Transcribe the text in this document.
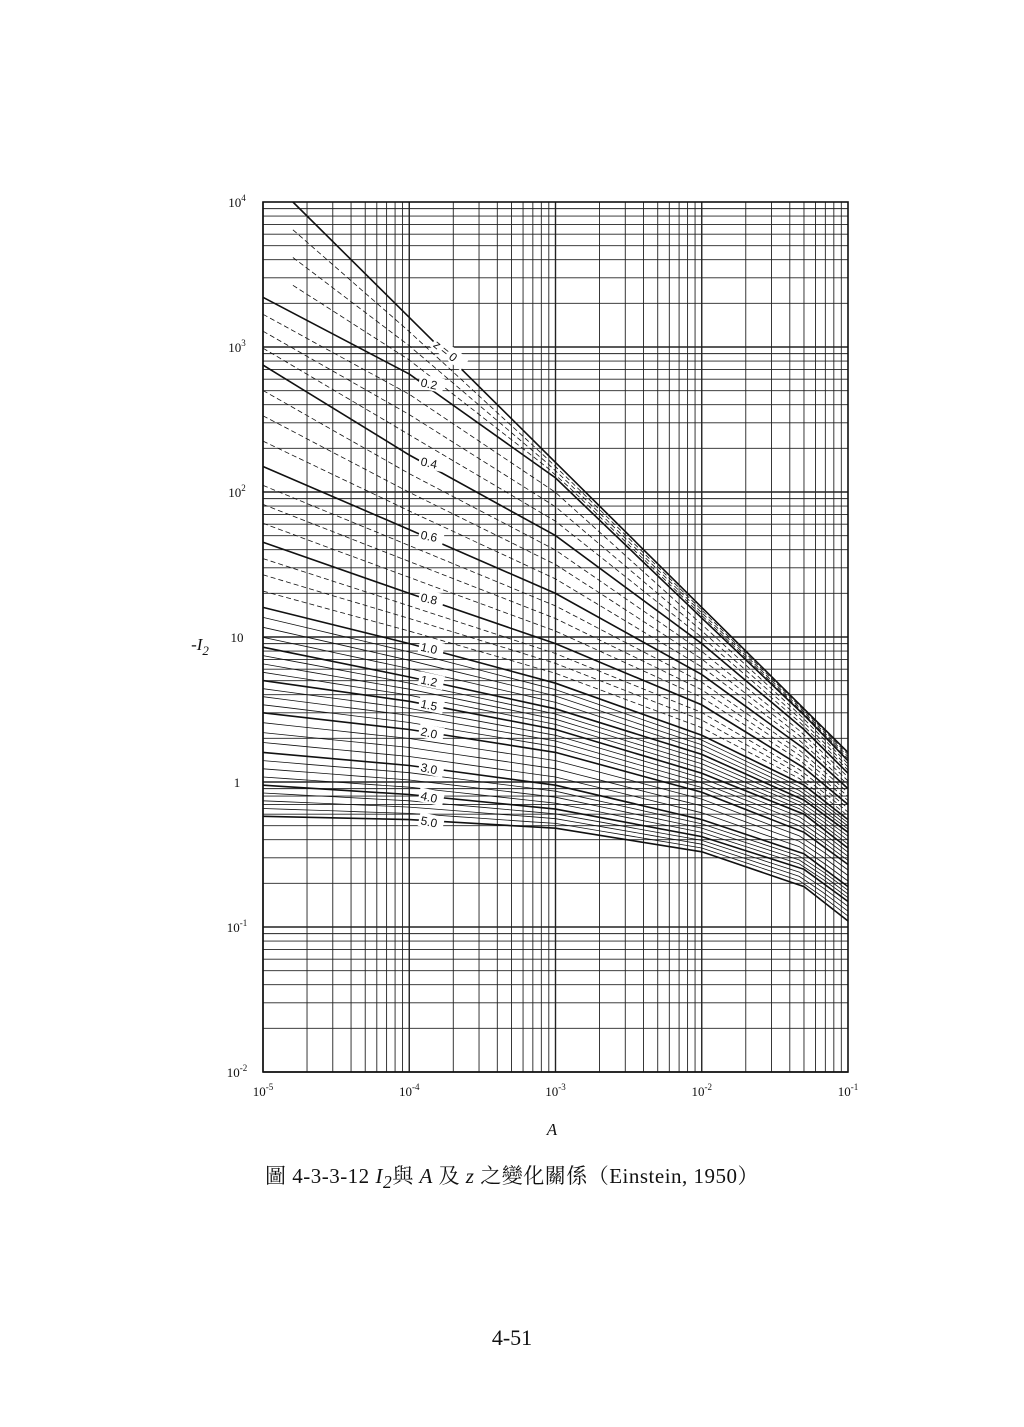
$10^{-5}$	$10^{-4}$	$10^{-3}$	$10^{-2}$	$10^{-1}$
$10^4$
$10^3$
$10^2$
10
1
$10^{-1}$
$10^{-2}$
z = 0
0.2
0.4
0.6
0.8
1.0
1.2
1.5
2.0
3.0
4.0
5.0
$-I_2$
A
圖 4-3-3-12 $I_2$與 A 及 z 之變化關係（Einstein, 1950）
4-51
